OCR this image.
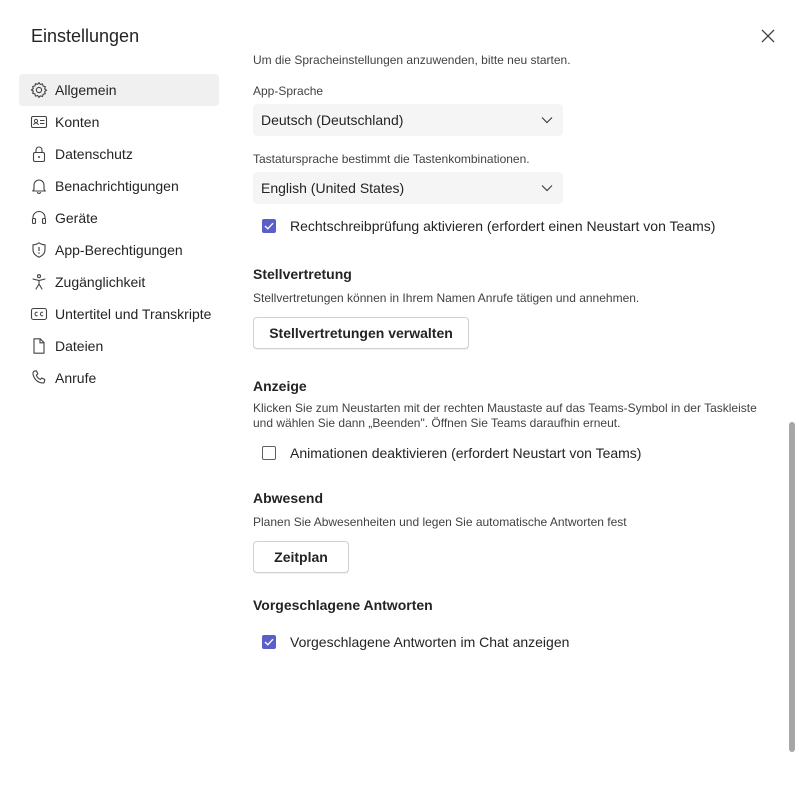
Einstellungen
Allgemein
Konten
Datenschutz
Benachrichtigungen
Geräte
App-Berechtigungen
Zugänglichkeit
Untertitel und Transkripte
Dateien
Anrufe
Um die Spracheinstellungen anzuwenden, bitte neu starten.
App-Sprache
Deutsch (Deutschland)
Tastatursprache bestimmt die Tastenkombinationen.
English (United States)
Rechtschreibprüfung aktivieren (erfordert einen Neustart von Teams)
Stellvertretung
Stellvertretungen können in Ihrem Namen Anrufe tätigen und annehmen.
Stellvertretungen verwalten
Anzeige
Klicken Sie zum Neustarten mit der rechten Maustaste auf das Teams-Symbol in der Taskleiste
und wählen Sie dann „Beenden". Öffnen Sie Teams daraufhin erneut.
Animationen deaktivieren (erfordert Neustart von Teams)
Abwesend
Planen Sie Abwesenheiten und legen Sie automatische Antworten fest
Zeitplan
Vorgeschlagene Antworten
Vorgeschlagene Antworten im Chat anzeigen
